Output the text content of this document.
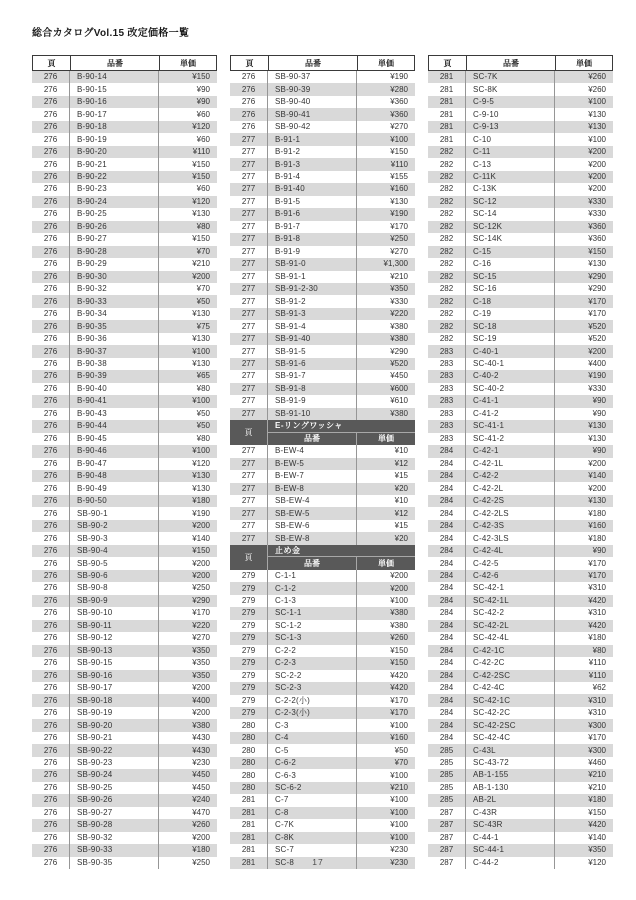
総合カタログVol.15 改定価格一覧
頁	品番	単価
276	B-90-14	¥150
276	B-90-15	¥90
276	B-90-16	¥90
276	B-90-17	¥60
276	B-90-18	¥120
276	B-90-19	¥60
276	B-90-20	¥110
276	B-90-21	¥150
276	B-90-22	¥150
276	B-90-23	¥60
276	B-90-24	¥120
276	B-90-25	¥130
276	B-90-26	¥80
276	B-90-27	¥150
276	B-90-28	¥70
276	B-90-29	¥210
276	B-90-30	¥200
276	B-90-32	¥70
276	B-90-33	¥50
276	B-90-34	¥130
276	B-90-35	¥75
276	B-90-36	¥130
276	B-90-37	¥100
276	B-90-38	¥130
276	B-90-39	¥65
276	B-90-40	¥80
276	B-90-41	¥100
276	B-90-43	¥50
276	B-90-44	¥50
276	B-90-45	¥80
276	B-90-46	¥100
276	B-90-47	¥120
276	B-90-48	¥130
276	B-90-49	¥130
276	B-90-50	¥180
276	SB-90-1	¥190
276	SB-90-2	¥200
276	SB-90-3	¥140
276	SB-90-4	¥150
276	SB-90-5	¥200
276	SB-90-6	¥200
276	SB-90-8	¥250
276	SB-90-9	¥290
276	SB-90-10	¥170
276	SB-90-11	¥220
276	SB-90-12	¥270
276	SB-90-13	¥350
276	SB-90-15	¥350
276	SB-90-16	¥350
276	SB-90-17	¥200
276	SB-90-18	¥400
276	SB-90-19	¥200
276	SB-90-20	¥380
276	SB-90-21	¥430
276	SB-90-22	¥430
276	SB-90-23	¥230
276	SB-90-24	¥450
276	SB-90-25	¥450
276	SB-90-26	¥240
276	SB-90-27	¥470
276	SB-90-28	¥260
276	SB-90-32	¥200
276	SB-90-33	¥180
276	SB-90-35	¥250
頁	品番	単価
276	SB-90-37	¥190
276	SB-90-39	¥280
276	SB-90-40	¥360
276	SB-90-41	¥360
276	SB-90-42	¥270
277	B-91-1	¥100
277	B-91-2	¥150
277	B-91-3	¥110
277	B-91-4	¥155
277	B-91-40	¥160
277	B-91-5	¥130
277	B-91-6	¥190
277	B-91-7	¥170
277	B-91-8	¥250
277	B-91-9	¥270
277	SB-91-0	¥1,300
277	SB-91-1	¥210
277	SB-91-2-30	¥350
277	SB-91-2	¥330
277	SB-91-3	¥220
277	SB-91-4	¥380
277	SB-91-40	¥380
277	SB-91-5	¥290
277	SB-91-6	¥520
277	SB-91-7	¥450
277	SB-91-8	¥600
277	SB-91-9	¥610
277	SB-91-10	¥380
頁
E-リングワッシャ
品番	単価
277	B-EW-4	¥10
277	B-EW-5	¥12
277	B-EW-7	¥15
277	B-EW-8	¥20
277	SB-EW-4	¥10
277	SB-EW-5	¥12
277	SB-EW-6	¥15
277	SB-EW-8	¥20
頁
止め金
品番	単価
279	C-1-1	¥200
279	C-1-2	¥200
279	C-1-3	¥100
279	SC-1-1	¥380
279	SC-1-2	¥380
279	SC-1-3	¥260
279	C-2-2	¥150
279	C-2-3	¥150
279	SC-2-2	¥420
279	SC-2-3	¥420
279	C-2-2(小)	¥170
279	C-2-3(小)	¥170
280	C-3	¥100
280	C-4	¥160
280	C-5	¥50
280	C-6-2	¥70
280	C-6-3	¥100
280	SC-6-2	¥210
281	C-7	¥100
281	C-8	¥100
281	C-7K	¥100
281	C-8K	¥100
281	SC-7	¥230
281	SC-8	¥230
頁	品番	単価
281	SC-7K	¥260
281	SC-8K	¥260
281	C-9-5	¥100
281	C-9-10	¥130
281	C-9-13	¥130
281	C-10	¥100
282	C-11	¥200
282	C-13	¥200
282	C-11K	¥200
282	C-13K	¥200
282	SC-12	¥330
282	SC-14	¥330
282	SC-12K	¥360
282	SC-14K	¥360
282	C-15	¥150
282	C-16	¥130
282	SC-15	¥290
282	SC-16	¥290
282	C-18	¥170
282	C-19	¥170
282	SC-18	¥520
282	SC-19	¥520
283	C-40-1	¥200
283	SC-40-1	¥400
283	C-40-2	¥190
283	SC-40-2	¥330
283	C-41-1	¥90
283	C-41-2	¥90
283	SC-41-1	¥130
283	SC-41-2	¥130
284	C-42-1	¥90
284	C-42-1L	¥200
284	C-42-2	¥140
284	C-42-2L	¥200
284	C-42-2S	¥130
284	C-42-2LS	¥180
284	C-42-3S	¥160
284	C-42-3LS	¥180
284	C-42-4L	¥90
284	C-42-5	¥170
284	C-42-6	¥170
284	SC-42-1	¥310
284	SC-42-1L	¥420
284	SC-42-2	¥310
284	SC-42-2L	¥420
284	SC-42-4L	¥180
284	C-42-1C	¥80
284	C-42-2C	¥110
284	C-42-2SC	¥110
284	C-42-4C	¥62
284	SC-42-1C	¥310
284	SC-42-2C	¥310
284	SC-42-2SC	¥300
284	SC-42-4C	¥170
285	C-43L	¥300
285	SC-43-72	¥460
285	AB-1-155	¥210
285	AB-1-130	¥210
285	AB-2L	¥180
287	C-43R	¥150
287	SC-43R	¥420
287	C-44-1	¥140
287	SC-44-1	¥350
287	C-44-2	¥120
17
